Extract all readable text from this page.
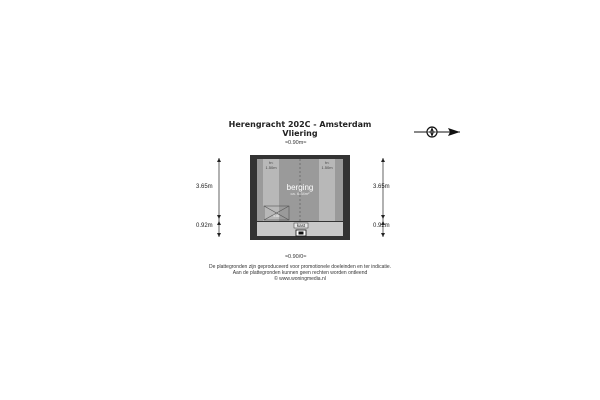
Herengracht 202C - Amsterdam
Vliering
≈0.90m≈
h<
1.50m
h<
1.50m
berging
ca. 6.34m²
luik
kast
3.65m
0.92m
3.65m
0.92m
≈0.90/0≈
De plattegronden zijn geproduceerd voor promotionele doeleinden en ter indicatie.
Aan de plattegronden kunnen geen rechten worden ontleend
© www.woningmedia.nl
